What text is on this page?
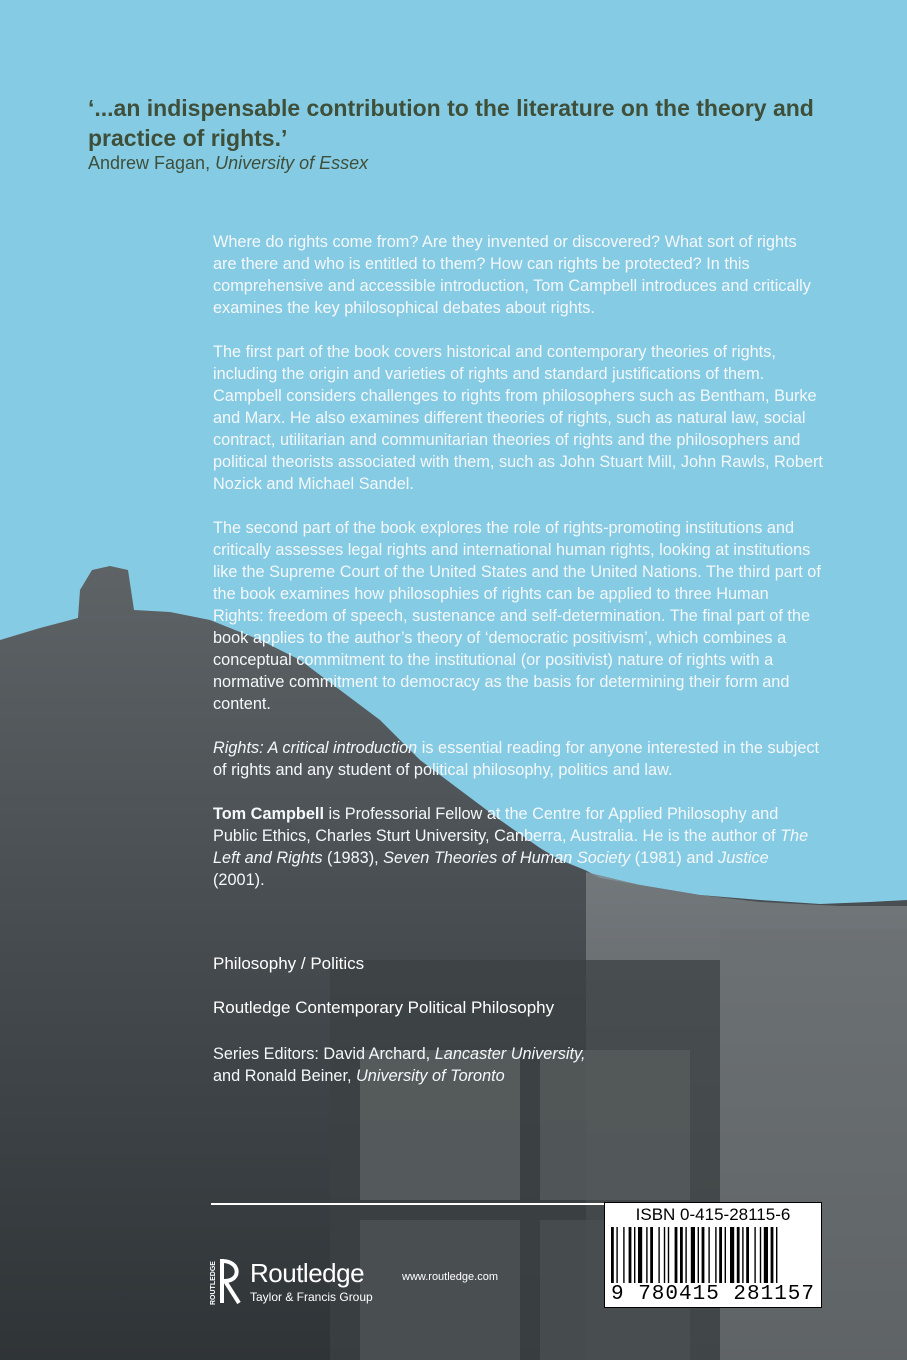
‘...an indispensable contribution to the literature on the theory and practice of rights.’
Andrew Fagan, University of Essex

Where do rights come from? Are they invented or discovered? What sort of rights are there and who is entitled to them? How can rights be protected? In this comprehensive and accessible introduction, Tom Campbell introduces and critically examines the key philosophical debates about rights.

The first part of the book covers historical and contemporary theories of rights, including the origin and varieties of rights and standard justifications of them. Campbell considers challenges to rights from philosophers such as Bentham, Burke and Marx. He also examines different theories of rights, such as natural law, social contract, utilitarian and communitarian theories of rights and the philosophers and political theorists associated with them, such as John Stuart Mill, John Rawls, Robert Nozick and Michael Sandel.

The second part of the book explores the role of rights-promoting institutions and critically assesses legal rights and international human rights, looking at institutions like the Supreme Court of the United States and the United Nations. The third part of the book examines how philosophies of rights can be applied to three Human Rights: freedom of speech, sustenance and self-determination. The final part of the book applies to the author’s theory of ‘democratic positivism’, which combines a conceptual commitment to the institutional (or positivist) nature of rights with a normative commitment to democracy as the basis for determining their form and content.

Rights: A critical introduction is essential reading for anyone interested in the subject of rights and any student of political philosophy, politics and law.

Tom Campbell is Professorial Fellow at the Centre for Applied Philosophy and Public Ethics, Charles Sturt University, Canberra, Australia. He is the author of The Left and Rights (1983), Seven Theories of Human Society (1981) and Justice (2001).

Philosophy / Politics
Routledge Contemporary Political Philosophy
Series Editors: David Archard, Lancaster University,
and Ronald Beiner, University of Toronto
ROUTLEDGE Routledge
Taylor & Francis Group
www.routledge.com
ISBN 0-415-28115-6
9 780415 281157
